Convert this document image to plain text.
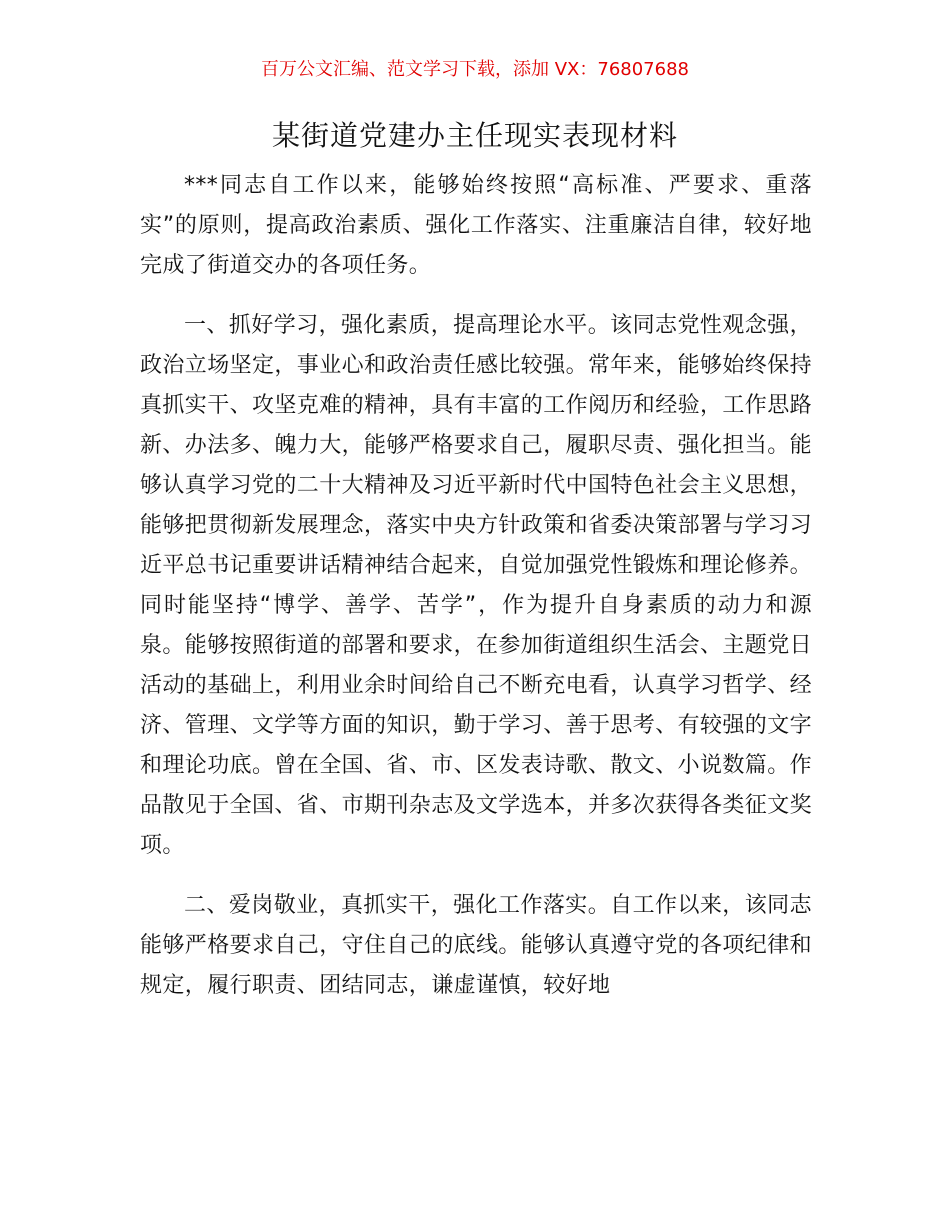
百万公文汇编、范文学习下载，添加 VX：76807688
某街道党建办主任现实表现材料

***同志自工作以来，能够始终按照“高标准、严要求、重落实”的原则，提高政治素质、强化工作落实、注重廉洁自律，较好地完成了街道交办的各项任务。

一、抓好学习，强化素质，提高理论水平。该同志党性观念强，政治立场坚定，事业心和政治责任感比较强。常年来，能够始终保持真抓实干、攻坚克难的精神，具有丰富的工作阅历和经验，工作思路新、办法多、魄力大，能够严格要求自己，履职尽责、强化担当。能够认真学习党的二十大精神及习近平新时代中国特色社会主义思想，能够把贯彻新发展理念，落实中央方针政策和省委决策部署与学习习近平总书记重要讲话精神结合起来，自觉加强党性锻炼和理论修养。同时能坚持“博学、善学、苦学”，作为提升自身素质的动力和源泉。能够按照街道的部署和要求，在参加街道组织生活会、主题党日活动的基础上，利用业余时间给自己不断充电看，认真学习哲学、经济、管理、文学等方面的知识，勤于学习、善于思考、有较强的文字和理论功底。曾在全国、省、市、区发表诗歌、散文、小说数篇。作品散见于全国、省、市期刊杂志及文学选本，并多次获得各类征文奖项。

二、爱岗敬业，真抓实干，强化工作落实。自工作以来，该同志能够严格要求自己，守住自己的底线。能够认真遵守党的各项纪律和规定，履行职责、团结同志，谦虚谨慎，较好地
